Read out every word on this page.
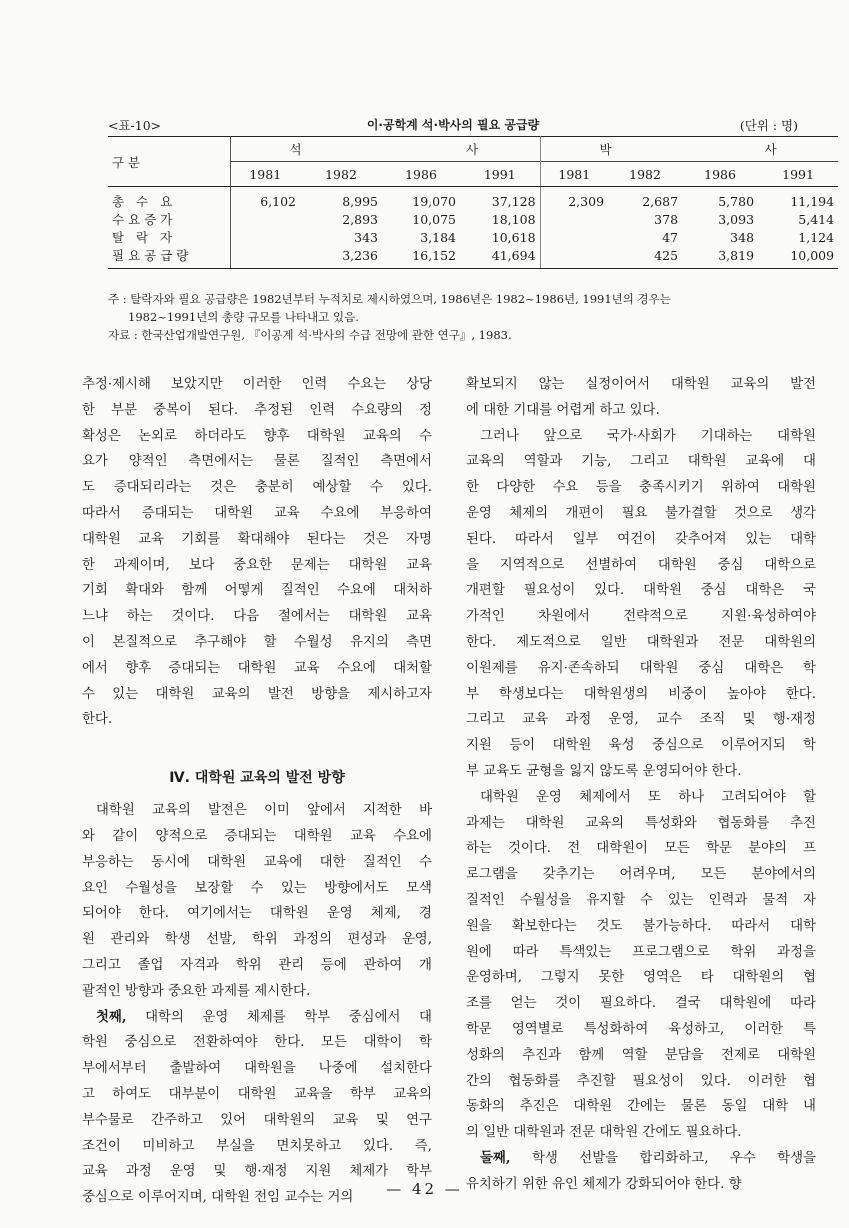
<표-10>	이·공학계 석·박사의 필요 공급량	(단위 : 명)
구 분	석 사				박 사			

	1981	1982	1986	1991	1981	1982	1986	1991
총 수 요	6,102	8,995	19,070	37,128	2,309	2,687	5,780	11,194
수요증가		2,893	10,075	18,108		378	3,093	5,414
탈 락 자		343	3,184	10,618		47	348	1,124
필요공급량		3,236	16,152	41,694		425	3,819	10,009

주 : 탈락자와 필요 공급량은 1982년부터 누적치로 제시하였으며, 1986년은 1982~1986년, 1991년의 경우는

1982~1991년의 총량 규모를 나타내고 있음.

자료 : 한국산업개발연구원, 『이공계 석·박사의 수급 전망에 관한 연구』, 1983.

추정·제시해 보았지만 이러한 인력 수요는 상당
한 부분 중복이 된다. 추정된 인력 수요량의 정
확성은 논외로 하더라도 향후 대학원 교육의 수
요가 양적인 측면에서는 물론 질적인 측면에서
도 증대되리라는 것은 충분히 예상할 수 있다.
따라서 증대되는 대학원 교육 수요에 부응하여
대학원 교육 기회를 확대해야 된다는 것은 자명
한 과제이며, 보다 중요한 문제는 대학원 교육
기회 확대와 함께 어떻게 질적인 수요에 대처하
느냐 하는 것이다. 다음 절에서는 대학원 교육
이 본질적으로 추구해야 할 수월성 유지의 측면
에서 향후 증대되는 대학원 교육 수요에 대처할
수 있는 대학원 교육의 발전 방향을 제시하고자
한다.
Ⅳ. 대학원 교육의 발전 방향
대학원 교육의 발전은 이미 앞에서 지적한 바
와 같이 양적으로 증대되는 대학원 교육 수요에
부응하는 동시에 대학원 교육에 대한 질적인 수
요인 수월성을 보장할 수 있는 방향에서도 모색
되어야 한다. 여기에서는 대학원 운영 체제, 경
원 관리와 학생 선발, 학위 과정의 편성과 운영,
그리고 졸업 자격과 학위 관리 등에 관하여 개
괄적인 방향과 중요한 과제를 제시한다.
첫째, 대학의 운영 체제를 학부 중심에서 대
학원 중심으로 전환하여야 한다. 모든 대학이 학
부에서부터 출발하여 대학원을 나중에 설치한다
고 하여도 대부분이 대학원 교육을 학부 교육의
부수물로 간주하고 있어 대학원의 교육 및 연구
조건이 미비하고 부실을 면치못하고 있다. 즉,
교육 과정 운영 및 행·재정 지원 체제가 학부
중심으로 이루어지며, 대학원 전임 교수는 거의
확보되지 않는 실정이어서 대학원 교육의 발전
에 대한 기대를 어렵게 하고 있다.
그러나 앞으로 국가·사회가 기대하는 대학원
교육의 역할과 기능, 그리고 대학원 교육에 대
한 다양한 수요 등을 충족시키기 위하여 대학원
운영 체제의 개편이 필요 불가결할 것으로 생각
된다. 따라서 일부 여건이 갖추어져 있는 대학
을 지역적으로 선별하여 대학원 중심 대학으로
개편할 필요성이 있다. 대학원 중심 대학은 국
가적인 차원에서 전략적으로 지원·육성하여야
한다. 제도적으로 일반 대학원과 전문 대학원의
이원제를 유지·존속하되 대학원 중심 대학은 학
부 학생보다는 대학원생의 비중이 높아야 한다.
그리고 교육 과정 운영, 교수 조직 및 행·재정
지원 등이 대학원 육성 중심으로 이루어지되 학
부 교육도 균형을 잃지 않도록 운영되어야 한다.
대학원 운영 체제에서 또 하나 고려되어야 할
과제는 대학원 교육의 특성화와 협동화를 추진
하는 것이다. 전 대학원이 모든 학문 분야의 프
로그램을 갖추기는 어려우며, 모든 분야에서의
질적인 수월성을 유지할 수 있는 인력과 물적 자
원을 확보한다는 것도 불가능하다. 따라서 대학
원에 따라 특색있는 프로그램으로 학위 과정을
운영하며, 그렇지 못한 영역은 타 대학원의 협
조를 얻는 것이 필요하다. 결국 대학원에 따라
학문 영역별로 특성화하여 육성하고, 이러한 특
성화의 추진과 함께 역할 분담을 전제로 대학원
간의 협동화를 추진할 필요성이 있다. 이러한 협
동화의 추진은 대학원 간에는 물론 동일 대학 내
의 일반 대학원과 전문 대학원 간에도 필요하다.
둘째, 학생 선발을 합리화하고, 우수 학생을
유치하기 위한 유인 체제가 강화되어야 한다. 향
— 42 —
